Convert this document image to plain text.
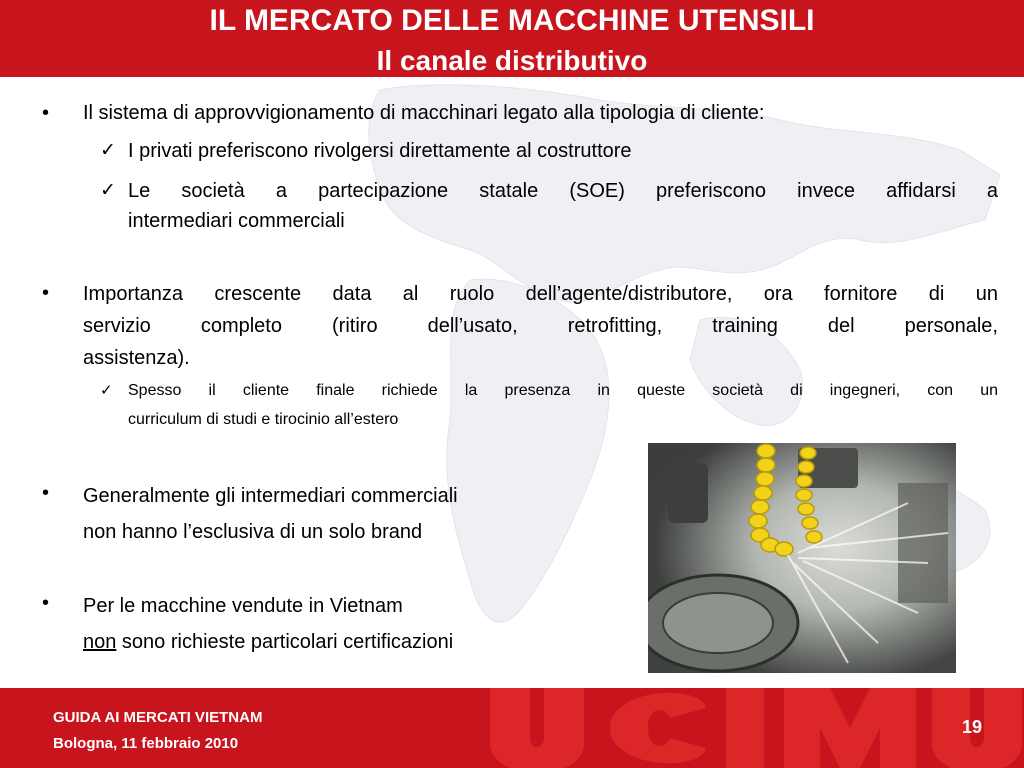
IL MERCATO DELLE MACCHINE UTENSILI
Il canale distributivo
• Il sistema di approvvigionamento di macchinari legato alla tipologia di cliente:
✓ I privati preferiscono rivolgersi direttamente al costruttore
✓ Le società a partecipazione statale (SOE) preferiscono invece affidarsi a
intermediari commerciali
• Importanza crescente data al ruolo dell’agente/distributore, ora fornitore di un
servizio completo (ritiro dell’usato, retrofitting, training del personale,
assistenza).
✓ Spesso il cliente finale richiede la presenza in queste società di ingegneri, con un
curriculum di studi e tirocinio all’estero
• Generalmente gli intermediari commerciali
non hanno l’esclusiva di un solo brand
• Per le macchine vendute in Vietnam
non sono richieste particolari certificazioni
GUIDA AI MERCATI VIETNAM
Bologna, 11 febbraio 2010
19
